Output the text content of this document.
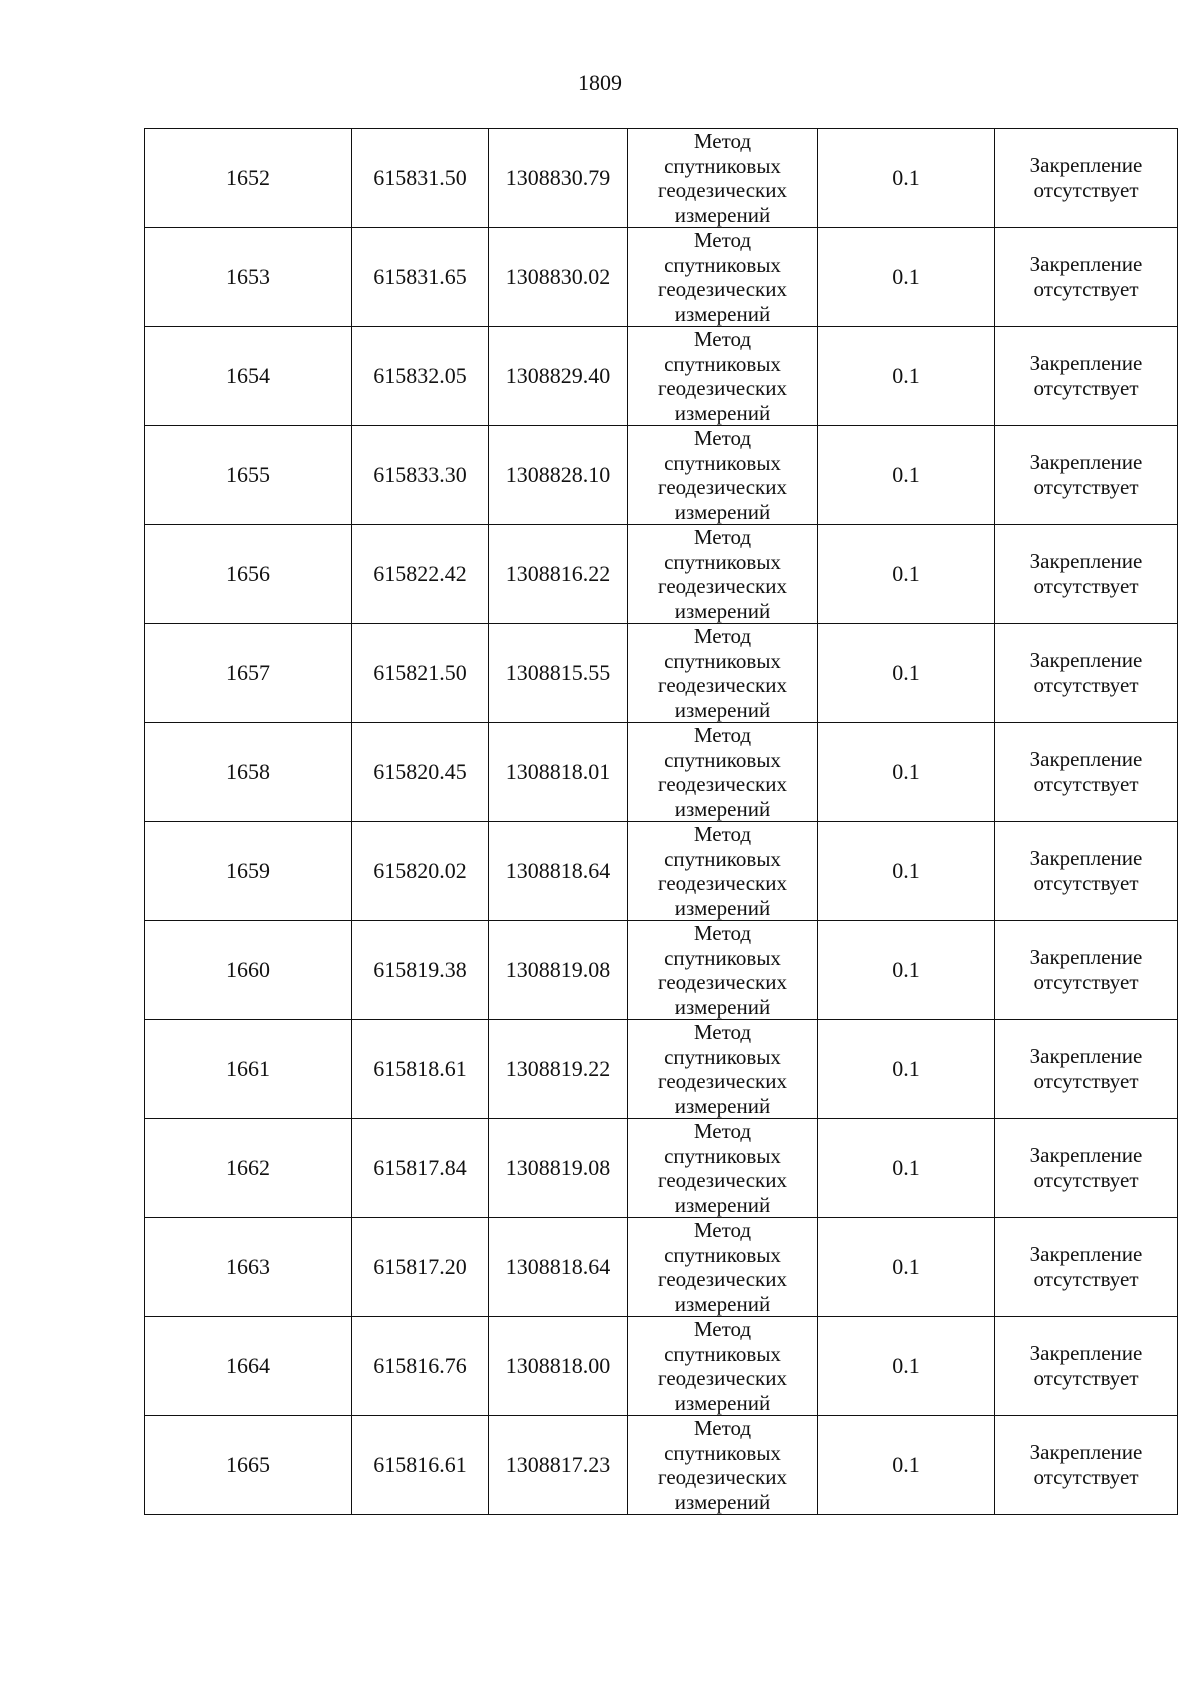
1809
1652	615831.50	1308830.79	Метод
спутниковых
геодезических
измерений	0.1	Закрепление
отсутствует

1653	615831.65	1308830.02	Метод
спутниковых
геодезических
измерений	0.1	Закрепление
отсутствует

1654	615832.05	1308829.40	Метод
спутниковых
геодезических
измерений	0.1	Закрепление
отсутствует

1655	615833.30	1308828.10	Метод
спутниковых
геодезических
измерений	0.1	Закрепление
отсутствует

1656	615822.42	1308816.22	Метод
спутниковых
геодезических
измерений	0.1	Закрепление
отсутствует

1657	615821.50	1308815.55	Метод
спутниковых
геодезических
измерений	0.1	Закрепление
отсутствует

1658	615820.45	1308818.01	Метод
спутниковых
геодезических
измерений	0.1	Закрепление
отсутствует

1659	615820.02	1308818.64	Метод
спутниковых
геодезических
измерений	0.1	Закрепление
отсутствует

1660	615819.38	1308819.08	Метод
спутниковых
геодезических
измерений	0.1	Закрепление
отсутствует

1661	615818.61	1308819.22	Метод
спутниковых
геодезических
измерений	0.1	Закрепление
отсутствует

1662	615817.84	1308819.08	Метод
спутниковых
геодезических
измерений	0.1	Закрепление
отсутствует

1663	615817.20	1308818.64	Метод
спутниковых
геодезических
измерений	0.1	Закрепление
отсутствует

1664	615816.76	1308818.00	Метод
спутниковых
геодезических
измерений	0.1	Закрепление
отсутствует

1665	615816.61	1308817.23	Метод
спутниковых
геодезических
измерений	0.1	Закрепление
отсутствует
